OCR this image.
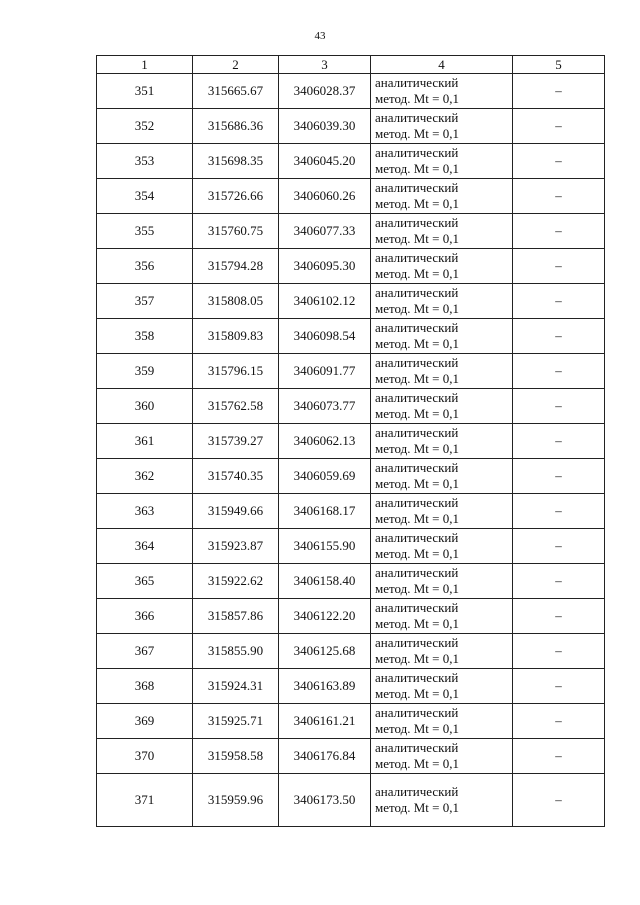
43
1	2	3	4	5
351	315665.67	3406028.37	аналитический
метод. Mt = 0,1	–
352	315686.36	3406039.30	аналитический
метод. Mt = 0,1	–
353	315698.35	3406045.20	аналитический
метод. Mt = 0,1	–
354	315726.66	3406060.26	аналитический
метод. Mt = 0,1	–
355	315760.75	3406077.33	аналитический
метод. Mt = 0,1	–
356	315794.28	3406095.30	аналитический
метод. Mt = 0,1	–
357	315808.05	3406102.12	аналитический
метод. Mt = 0,1	–
358	315809.83	3406098.54	аналитический
метод. Mt = 0,1	–
359	315796.15	3406091.77	аналитический
метод. Mt = 0,1	–
360	315762.58	3406073.77	аналитический
метод. Mt = 0,1	–
361	315739.27	3406062.13	аналитический
метод. Mt = 0,1	–
362	315740.35	3406059.69	аналитический
метод. Mt = 0,1	–
363	315949.66	3406168.17	аналитический
метод. Mt = 0,1	–
364	315923.87	3406155.90	аналитический
метод. Mt = 0,1	–
365	315922.62	3406158.40	аналитический
метод. Mt = 0,1	–
366	315857.86	3406122.20	аналитический
метод. Mt = 0,1	–
367	315855.90	3406125.68	аналитический
метод. Mt = 0,1	–
368	315924.31	3406163.89	аналитический
метод. Mt = 0,1	–
369	315925.71	3406161.21	аналитический
метод. Mt = 0,1	–
370	315958.58	3406176.84	аналитический
метод. Mt = 0,1	–
371	315959.96	3406173.50	аналитический
метод. Mt = 0,1	–
